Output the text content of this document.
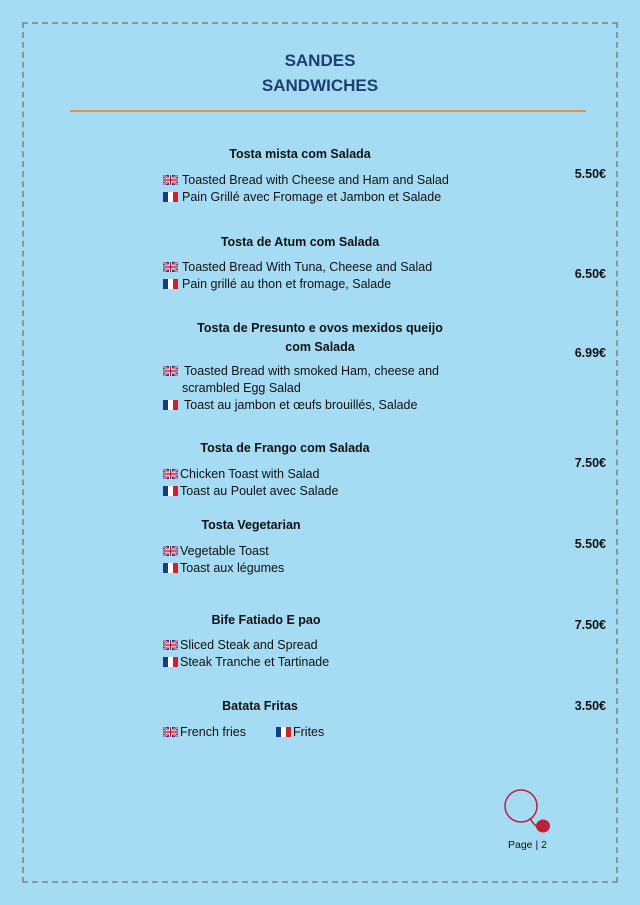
SANDES
SANDWICHES
Tosta mista com Salada
Toasted Bread with Cheese and Ham and Salad
Pain Grillé avec Fromage et Jambon et Salade
5.50€
Tosta de Atum com Salada
Toasted Bread With Tuna, Cheese and Salad
Pain grillé au thon et fromage, Salade
6.50€
Tosta de Presunto e ovos mexidos queijo
com Salada
Toasted Bread with smoked Ham, cheese and
scrambled Egg Salad
Toast au jambon et œufs brouillés, Salade
6.99€
Tosta de Frango com Salada
Chicken Toast with Salad
Toast au Poulet avec Salade
7.50€
Tosta Vegetarian
Vegetable Toast
Toast aux légumes
5.50€
Bife Fatiado E pao
Sliced Steak and Spread
Steak Tranche et Tartinade
7.50€
Batata Fritas
French fries	Frites
3.50€
Page | 2
